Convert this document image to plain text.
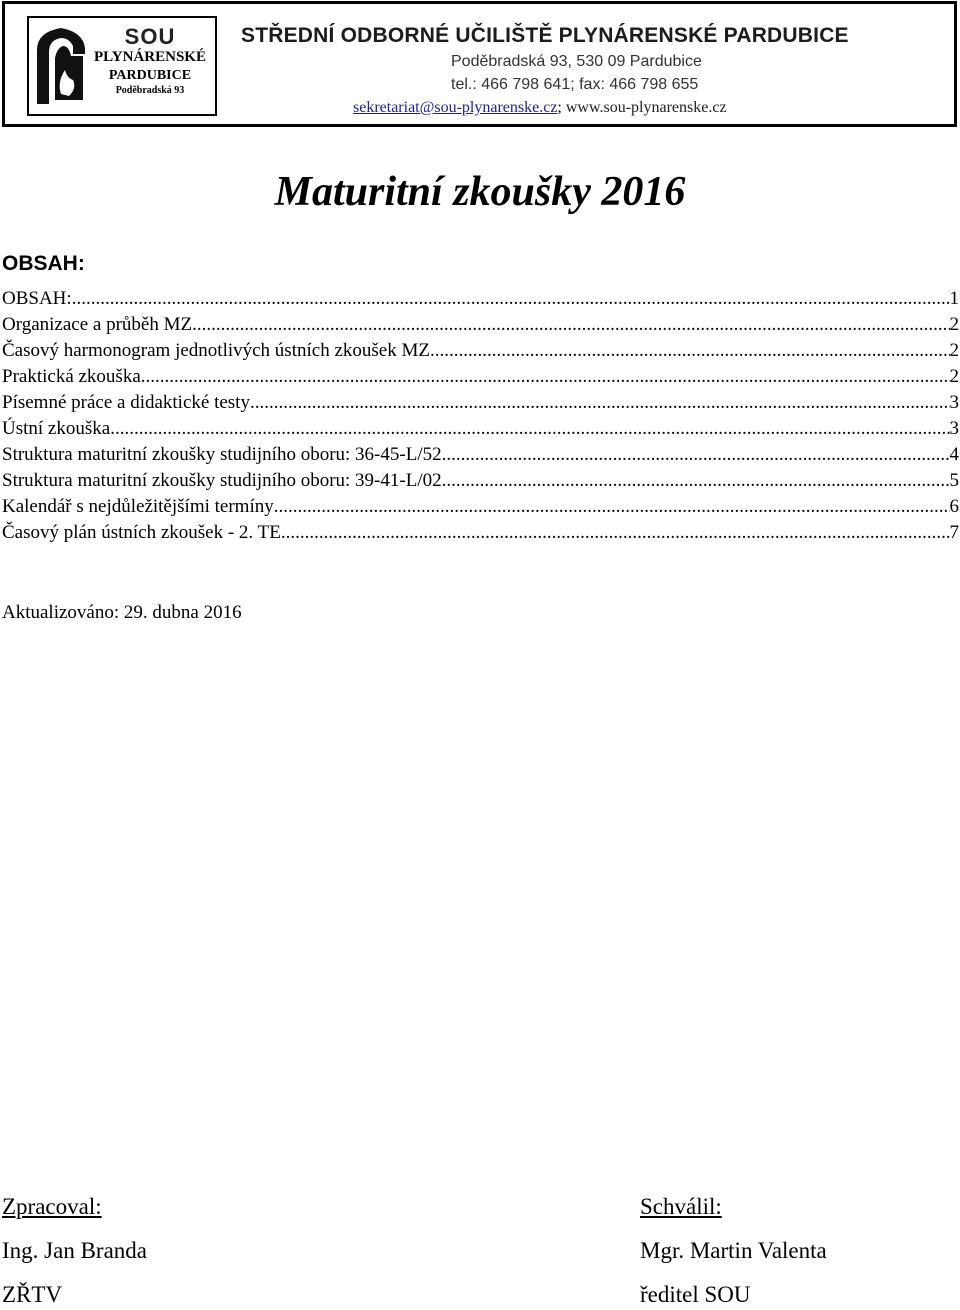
SOU
PLYNÁRENSKÉ
PARDUBICE
Poděbradská 93
STŘEDNÍ ODBORNÉ UČILIŠTĚ PLYNÁRENSKÉ PARDUBICE
Poděbradská 93, 530 09 Pardubice
tel.: 466 798 641; fax: 466 798 655
sekretariat@sou-plynarenske.cz; www.sou-plynarenske.cz
Maturitní zkoušky 2016
OBSAH:
OBSAH: .....	1
Organizace a průběh MZ .....	2
Časový harmonogram jednotlivých ústních zkoušek MZ .....	2
Praktická zkouška .....	2
Písemné práce a didaktické testy .....	3
Ústní zkouška .....	3
Struktura maturitní zkoušky studijního oboru: 36-45-L/52 .....	4
Struktura maturitní zkoušky studijního oboru: 39-41-L/02 .....	5
Kalendář s nejdůležitějšími termíny .....	6
Časový plán ústních zkoušek - 2. TE .....	7
Aktualizováno: 29. dubna 2016
Zpracoval:
Ing. Jan Branda
ZŘTV
Schválil:
Mgr. Martin Valenta
ředitel SOU
